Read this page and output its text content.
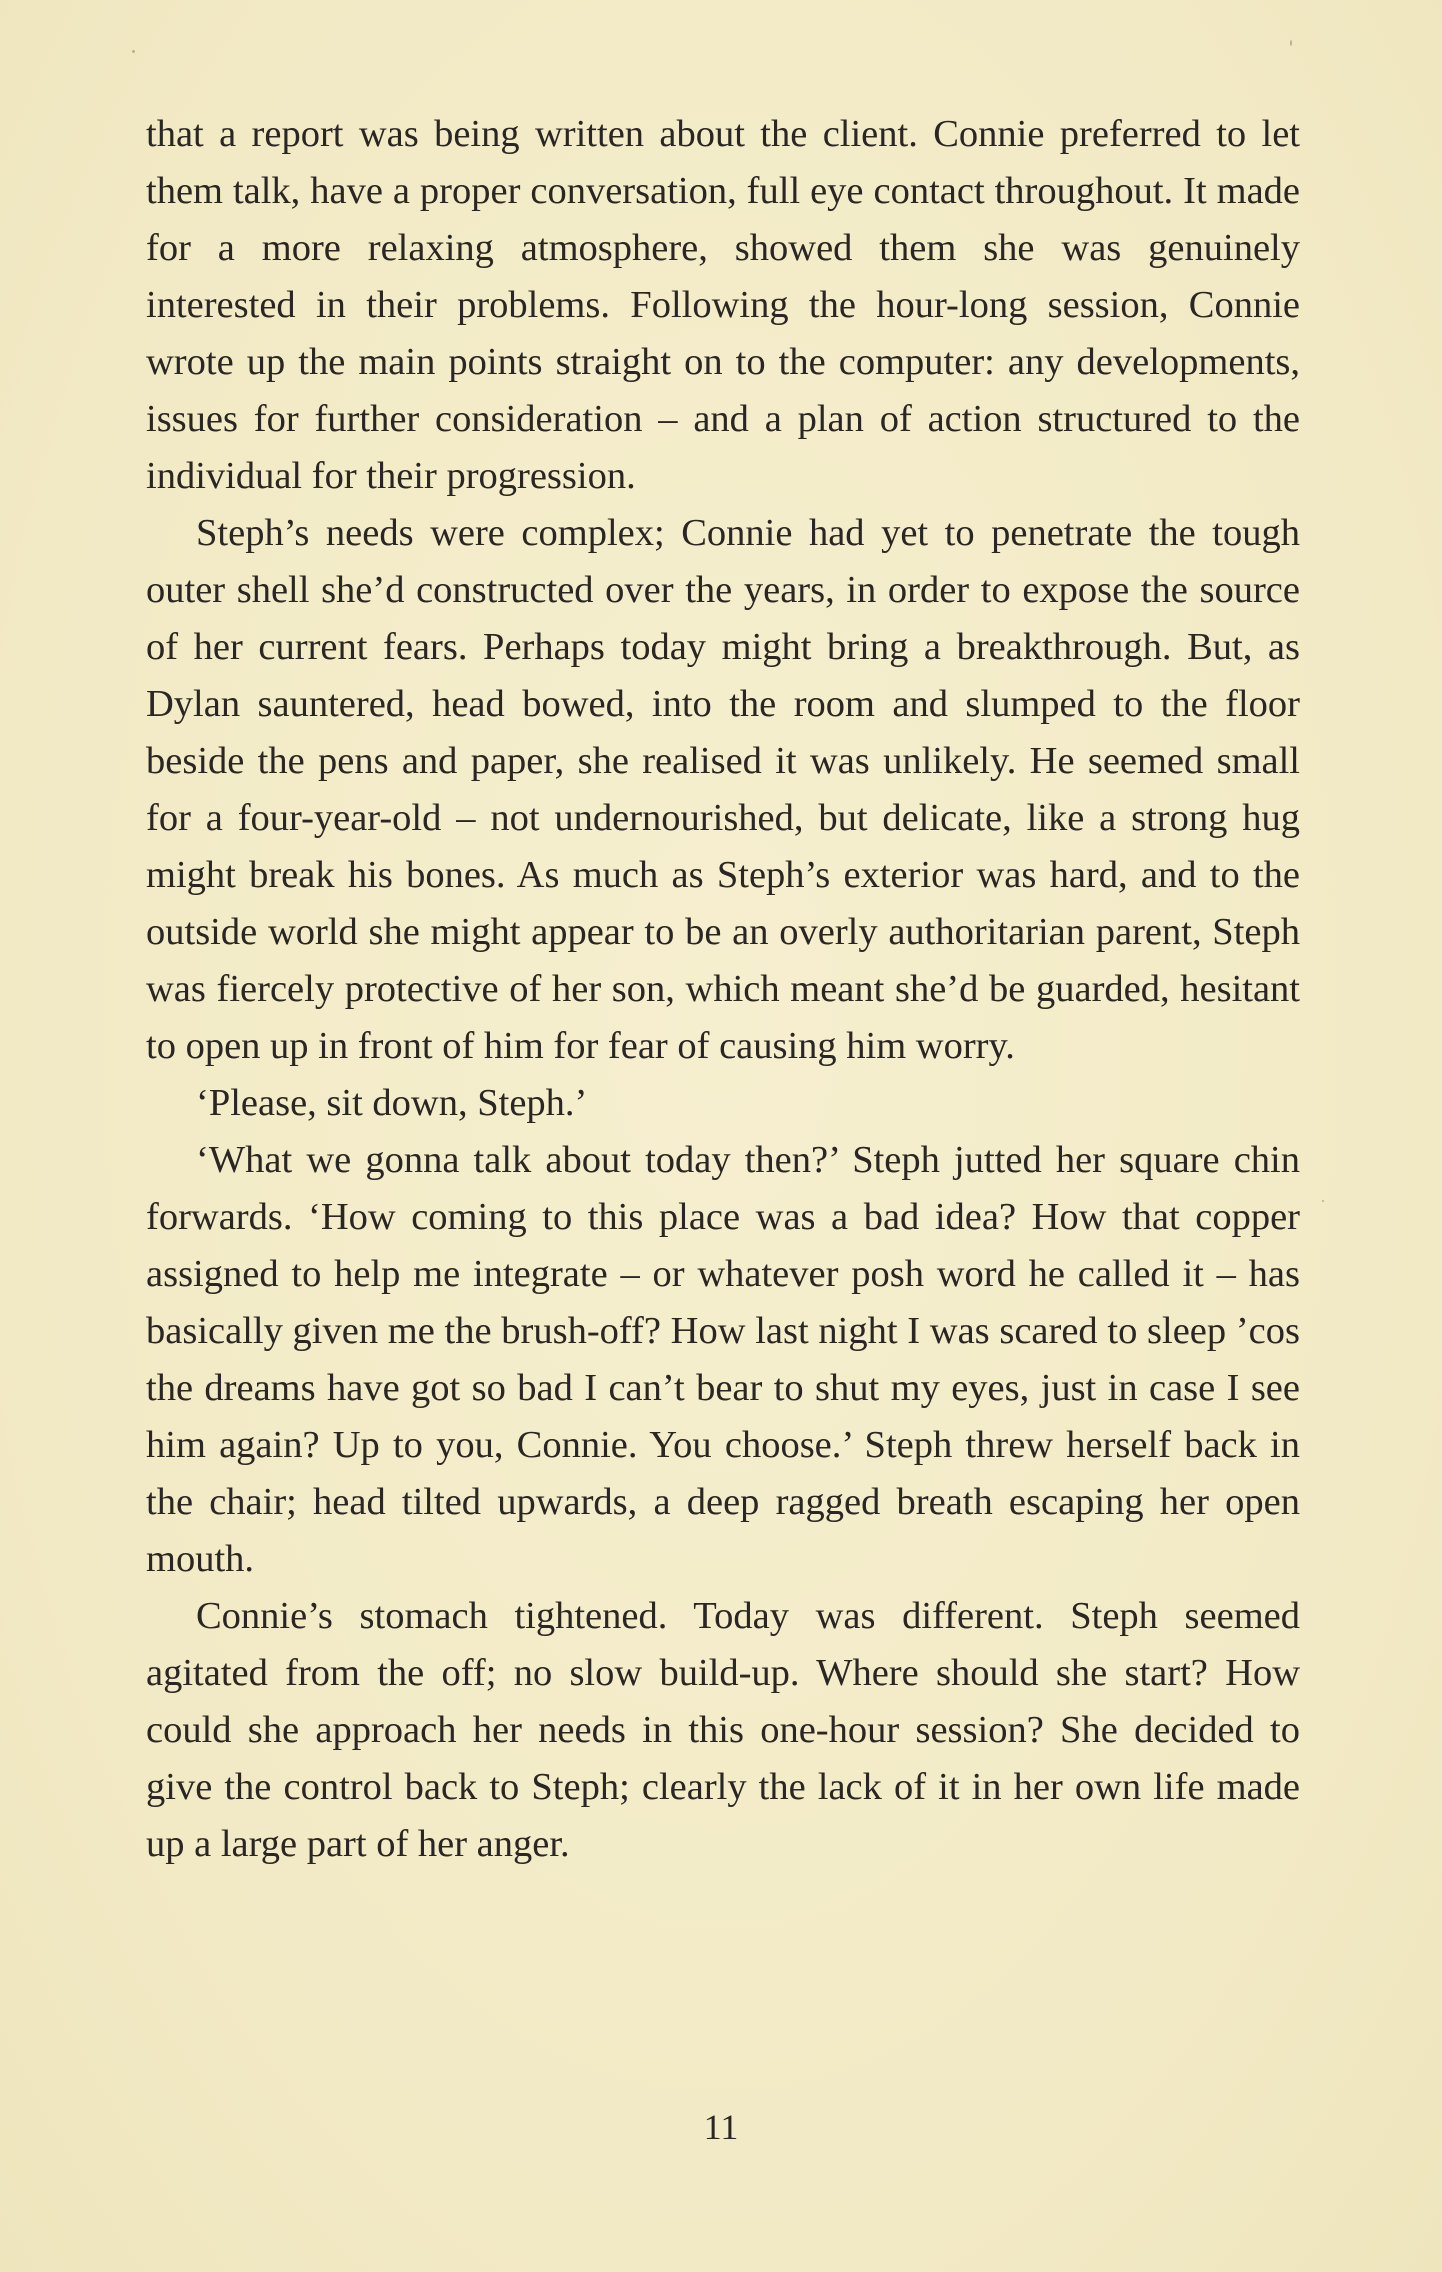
that a report was being written about the client. Connie preferred to let them talk, have a proper conversation, full eye contact throughout. It made for a more relaxing atmosphere, showed them she was genuinely interested in their problems. Following the hour-long session, Connie wrote up the main points straight on to the computer: any developments, issues for further consideration – and a plan of action structured to the individual for their progression.

Steph’s needs were complex; Connie had yet to penetrate the tough outer shell she’d constructed over the years, in order to expose the source of her current fears. Perhaps today might bring a breakthrough. But, as Dylan sauntered, head bowed, into the room and slumped to the floor beside the pens and paper, she realised it was unlikely. He seemed small for a four-year-old – not undernourished, but delicate, like a strong hug might break his bones. As much as Steph’s exterior was hard, and to the outside world she might appear to be an overly authoritarian parent, Steph was fiercely protective of her son, which meant she’d be guarded, hesitant to open up in front of him for fear of causing him worry.

‘Please, sit down, Steph.’

‘What we gonna talk about today then?’ Steph jutted her square chin forwards. ‘How coming to this place was a bad idea? How that copper assigned to help me integrate – or whatever posh word he called it – has basically given me the brush-off? How last night I was scared to sleep ’cos the dreams have got so bad I can’t bear to shut my eyes, just in case I see him again? Up to you, Connie. You choose.’ Steph threw herself back in the chair; head tilted upwards, a deep ragged breath escaping her open mouth.

Connie’s stomach tightened. Today was different. Steph seemed agitated from the off; no slow build-up. Where should she start? How could she approach her needs in this one-hour session? She decided to give the control back to Steph; clearly the lack of it in her own life made up a large part of her anger.

11
